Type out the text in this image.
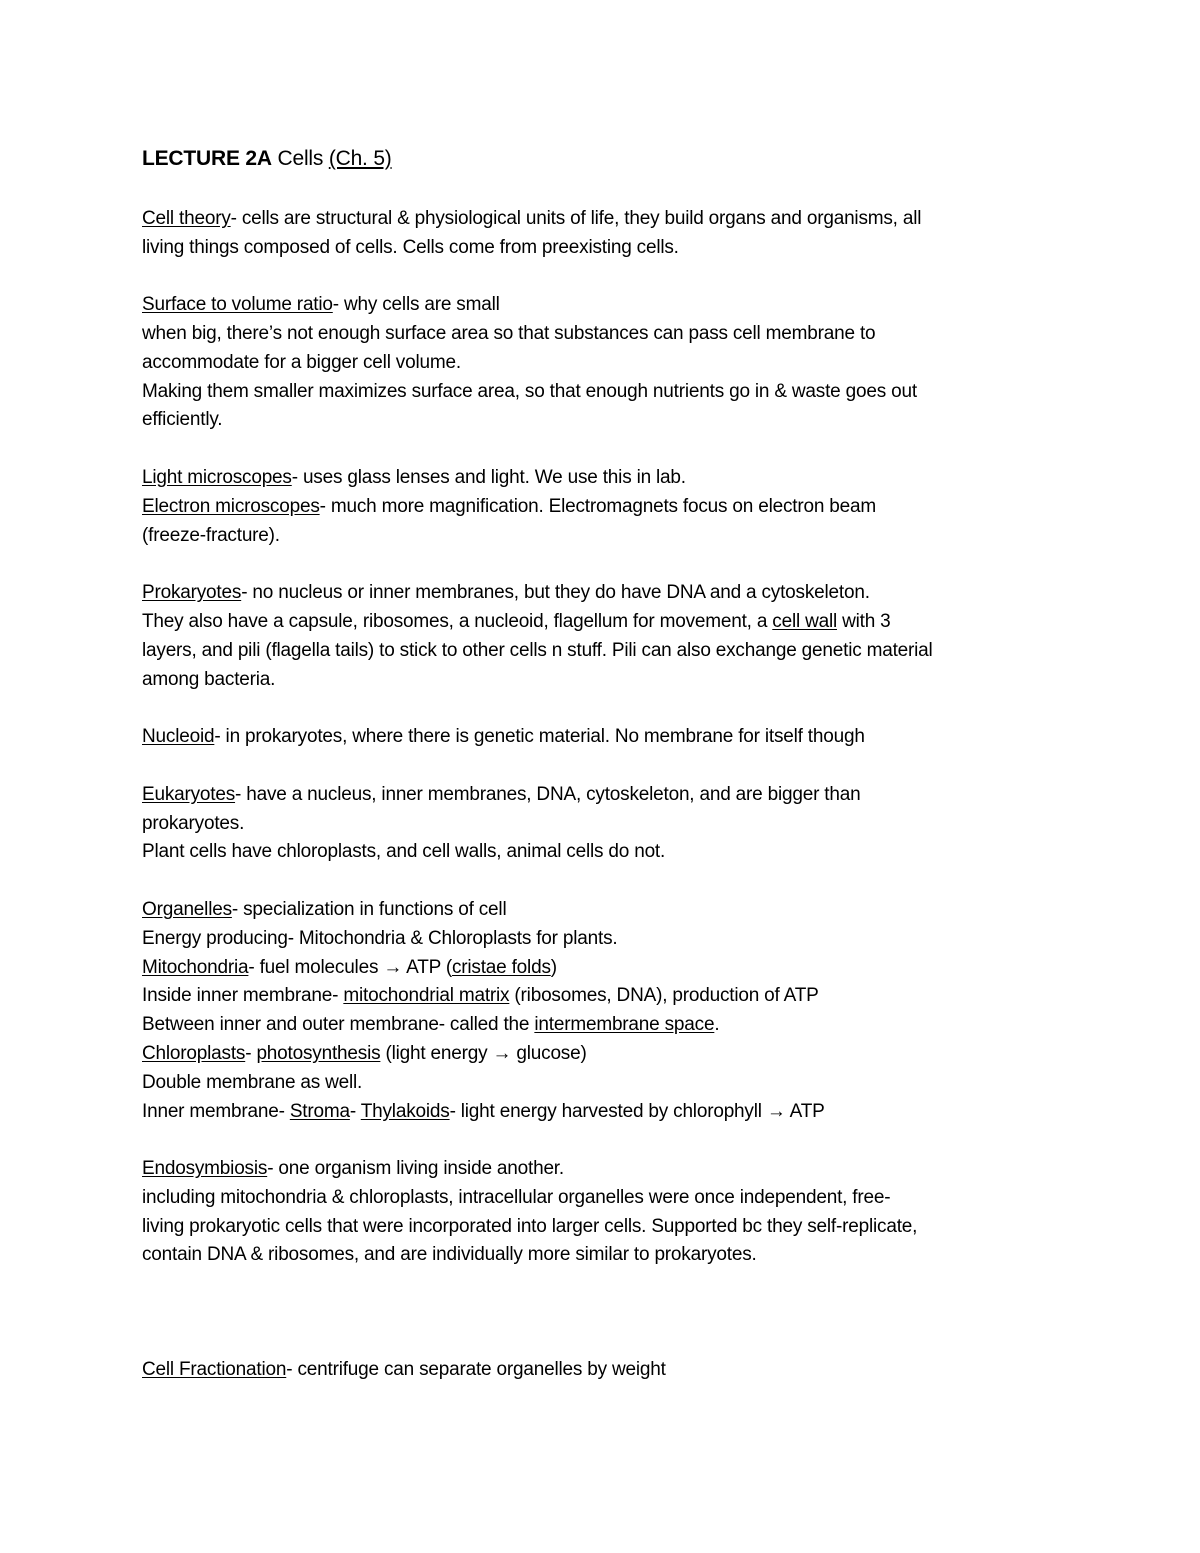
LECTURE 2A Cells (Ch. 5)

Cell theory- cells are structural & physiological units of life, they build organs and organisms, all

living things composed of cells. Cells come from preexisting cells.

Surface to volume ratio- why cells are small

when big, there’s not enough surface area so that substances can pass cell membrane to

accommodate for a bigger cell volume.

Making them smaller maximizes surface area, so that enough nutrients go in & waste goes out

efficiently.

Light microscopes- uses glass lenses and light. We use this in lab.

Electron microscopes- much more magnification. Electromagnets focus on electron beam

(freeze-fracture).

Prokaryotes- no nucleus or inner membranes, but they do have DNA and a cytoskeleton.

They also have a capsule, ribosomes, a nucleoid, flagellum for movement, a cell wall with 3

layers, and pili (flagella tails) to stick to other cells n stuff. Pili can also exchange genetic material

among bacteria.

Nucleoid- in prokaryotes, where there is genetic material. No membrane for itself though

Eukaryotes- have a nucleus, inner membranes, DNA, cytoskeleton, and are bigger than

prokaryotes.

Plant cells have chloroplasts, and cell walls, animal cells do not.

Organelles- specialization in functions of cell

Energy producing- Mitochondria & Chloroplasts for plants.

Mitochondria- fuel molecules → ATP (cristae folds)

Inside inner membrane- mitochondrial matrix (ribosomes, DNA), production of ATP

Between inner and outer membrane- called the intermembrane space.

Chloroplasts- photosynthesis (light energy → glucose)

Double membrane as well.

Inner membrane- Stroma- Thylakoids- light energy harvested by chlorophyll → ATP

Endosymbiosis- one organism living inside another.

including mitochondria & chloroplasts, intracellular organelles were once independent, free-

living prokaryotic cells that were incorporated into larger cells. Supported bc they self-replicate,

contain DNA & ribosomes, and are individually more similar to prokaryotes.

Cell Fractionation- centrifuge can separate organelles by weight
